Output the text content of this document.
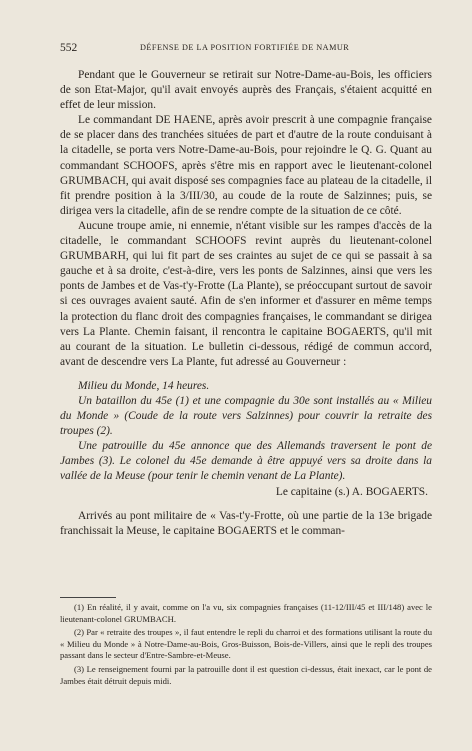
552	DÉFENSE DE LA POSITION FORTIFIÉE DE NAMUR

Pendant que le Gouverneur se retirait sur Notre-Dame-au-Bois, les officiers de son Etat-Major, qu'il avait envoyés auprès des Français, s'étaient acquitté en effet de leur mission.

Le commandant DE HAENE, après avoir prescrit à une compagnie française de se placer dans des tranchées situées de part et d'autre de la route conduisant à la citadelle, se porta vers Notre-Dame-au-Bois, pour rejoindre le Q. G. Quant au commandant SCHOOFS, après s'être mis en rapport avec le lieutenant-colonel GRUMBACH, qui avait disposé ses compagnies face au plateau de la citadelle, il fit prendre position à la 3/III/30, au coude de la route de Salzinnes; puis, se dirigea vers la citadelle, afin de se rendre compte de la situation de ce côté.

Aucune troupe amie, ni ennemie, n'étant visible sur les rampes d'accès de la citadelle, le commandant SCHOOFS revint auprès du lieutenant-colonel GRUMBARH, qui lui fit part de ses craintes au sujet de ce qui se passait à sa gauche et à sa droite, c'est-à-dire, vers les ponts de Salzinnes, ainsi que vers les ponts de Jambes et de Vas-t'y-Frotte (La Plante), se préoccupant surtout de savoir si ces ouvrages avaient sauté. Afin de s'en informer et d'assurer en même temps la protection du flanc droit des compagnies françaises, le commandant se dirigea vers La Plante. Chemin faisant, il rencontra le capitaine BOGAERTS, qu'il mit au courant de la situation. Le bulletin ci-dessous, rédigé de commun accord, avant de descendre vers La Plante, fut adressé au Gouverneur :

Milieu du Monde, 14 heures.

Un bataillon du 45e (1) et une compagnie du 30e sont installés au « Milieu du Monde » (Coude de la route vers Salzinnes) pour couvrir la retraite des troupes (2).

Une patrouille du 45e annonce que des Allemands traversent le pont de Jambes (3). Le colonel du 45e demande à être appuyé vers sa droite dans la vallée de la Meuse (pour tenir le chemin venant de La Plante).

Le capitaine (s.) A. BOGAERTS.

Arrivés au pont militaire de « Vas-t'y-Frotte, où une partie de la 13e brigade franchissait la Meuse, le capitaine BOGAERTS et le comman-

(1) En réalité, il y avait, comme on l'a vu, six compagnies françaises (11-12/III/45 et III/148) avec le lieutenant-colonel GRUMBACH.

(2) Par « retraite des troupes », il faut entendre le repli du charroi et des formations utilisant la route du « Milieu du Monde » à Notre-Dame-au-Bois, Gros-Buisson, Bois-de-Villers, ainsi que le repli des troupes passant dans le secteur d'Entre-Sambre-et-Meuse.

(3) Le renseignement fourni par la patrouille dont il est question ci-dessus, était inexact, car le pont de Jambes était détruit depuis midi.
